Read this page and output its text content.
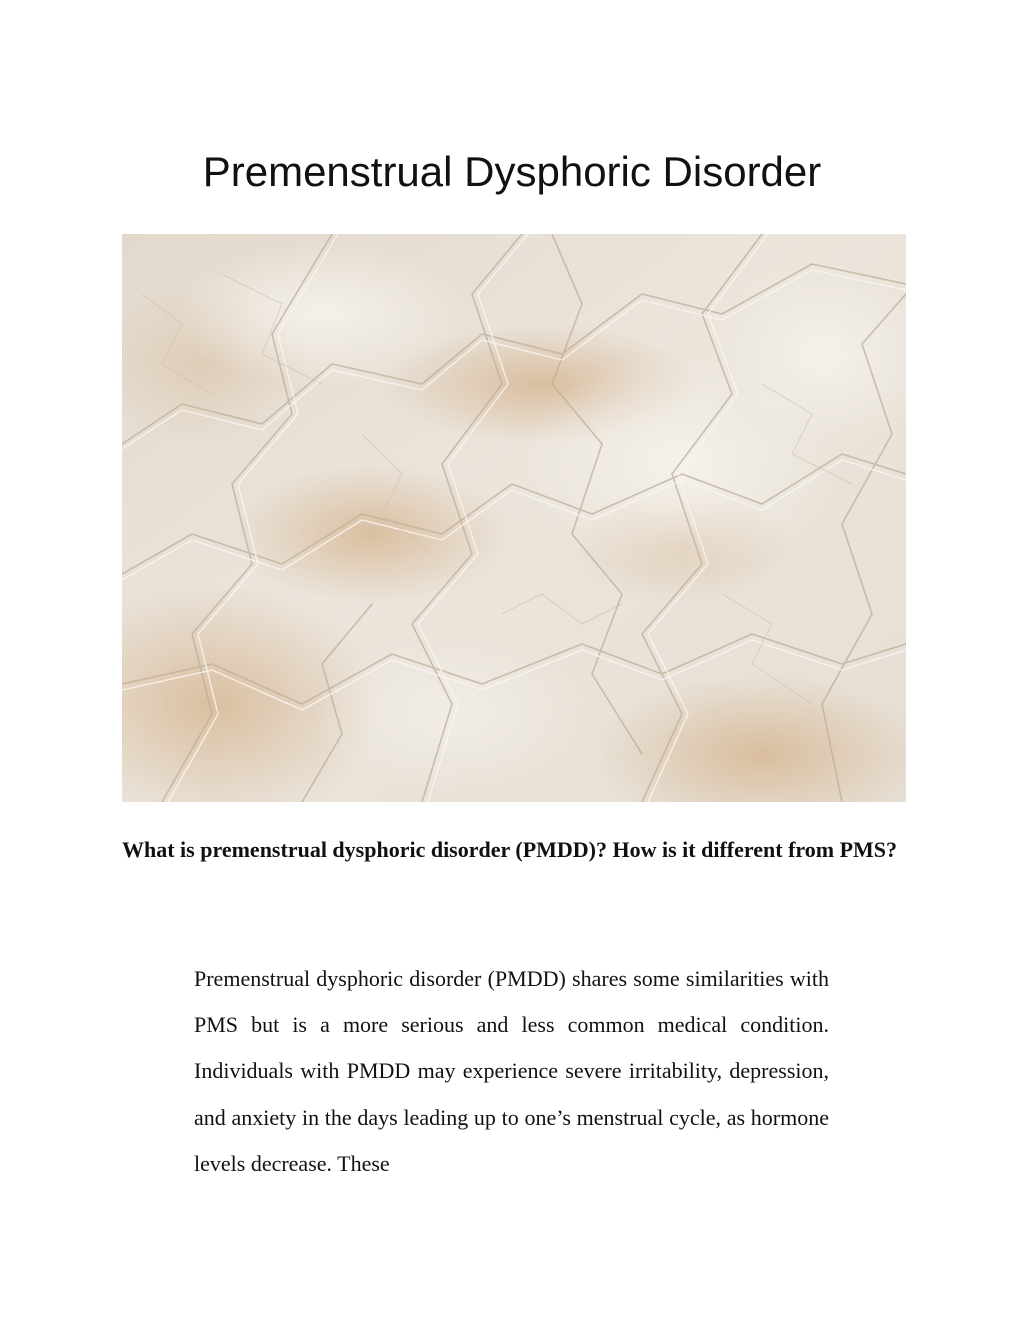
Premenstrual Dysphoric Disorder

What is premenstrual dysphoric disorder (PMDD)? How is it different from PMS?

Premenstrual dysphoric disorder (PMDD) shares some similarities with PMS but is a more serious and less common medical condition. Individuals with PMDD may experience severe irritability, depression, and anxiety in the days leading up to one’s menstrual cycle, as hormone levels decrease. These
